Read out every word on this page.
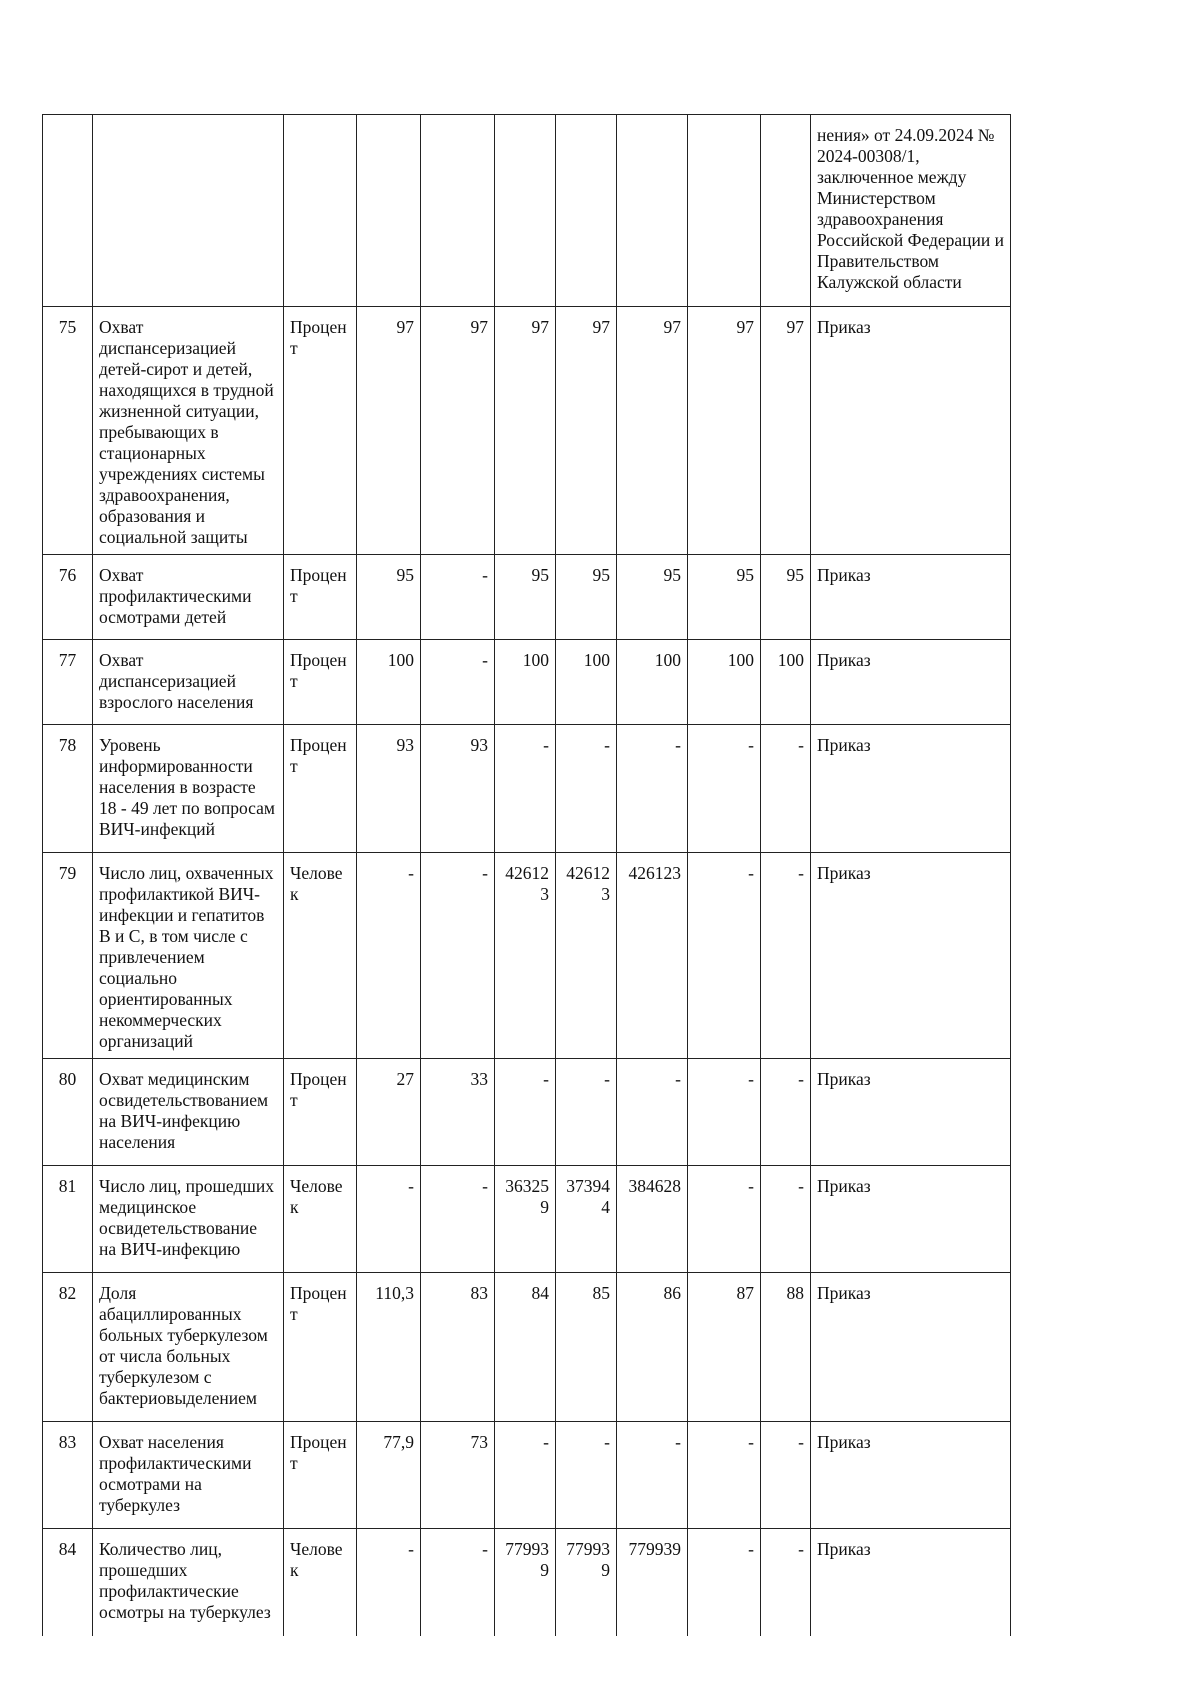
										нения» от 24.09.2024 № 2024-00308/1, заключенное между Министерством здравоохранения Российской Федерации и Правительством Калужской области
75	Охват диспансеризацией детей-сирот и детей, находящихся в трудной жизненной ситуации, пребывающих в стационарных учреждениях системы здравоохранения, образования и социальной защиты	Процент	97	97	97	97	97	97	97	Приказ
76	Охват профилактическими осмотрами детей	Процент	95	-	95	95	95	95	95	Приказ
77	Охват диспансеризацией взрослого населения	Процент	100	-	100	100	100	100	100	Приказ
78	Уровень информированности населения в возрасте 18 - 49 лет по вопросам ВИЧ-инфекций	Процент	93	93	-	-	-	-	-	Приказ
79	Число лиц, охваченных профилактикой ВИЧ-инфекции и гепатитов В и С, в том числе с привлечением социально ориентированных некоммерческих организаций	Человек	-	-	426123	426123	426123	-	-	Приказ
80	Охват медицинским освидетельствованием на ВИЧ-инфекцию населения	Процент	27	33	-	-	-	-	-	Приказ
81	Число лиц, прошедших медицинское освидетельствование на ВИЧ-инфекцию	Человек	-	-	363259	373944	384628	-	-	Приказ
82	Доля абациллированных больных туберкулезом от числа больных туберкулезом с бактериовыделением	Процент	110,3	83	84	85	86	87	88	Приказ
83	Охват населения профилактическими осмотрами на туберкулез	Процент	77,9	73	-	-	-	-	-	Приказ
84	Количество лиц, прошедших профилактические осмотры на туберкулез	Человек	-	-	779939	779939	779939	-	-	Приказ
